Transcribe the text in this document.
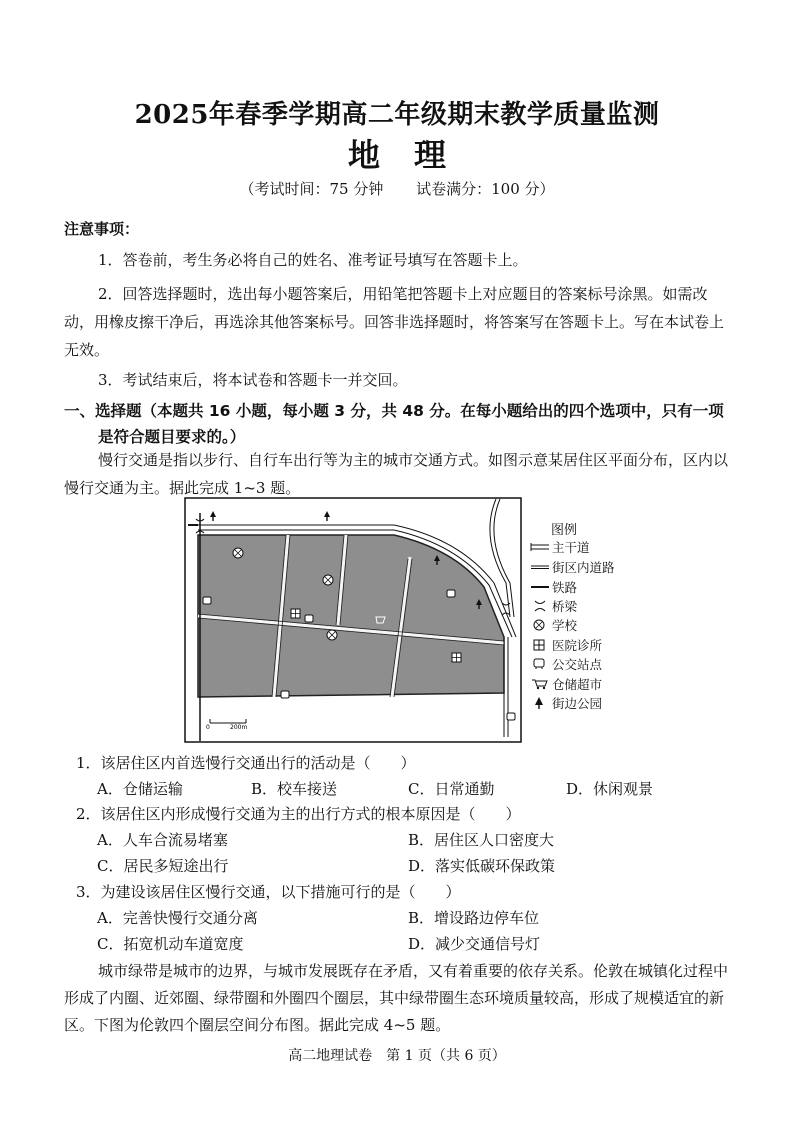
2025年春季学期高二年级期末教学质量监测
地理
（考试时间：75 分钟 试卷满分：100 分）
注意事项：
1．答卷前，考生务必将自己的姓名、准考证号填写在答题卡上。
2．回答选择题时，选出每小题答案后，用铅笔把答题卡上对应题目的答案标号涂黑。如需改动，用橡皮擦干净后，再选涂其他答案标号。回答非选择题时，将答案写在答题卡上。写在本试卷上无效。
3．考试结束后，将本试卷和答题卡一并交回。
一、选择题（本题共 16 小题，每小题 3 分，共 48 分。在每小题给出的四个选项中，只有一项
是符合题目要求的。）
慢行交通是指以步行、自行车出行等为主的城市交通方式。如图示意某居住区平面分布，区内以慢行交通为主。据此完成 1~3 题。
0	200m
图例
主干道
街区内道路
铁路
桥梁
学校
医院诊所
公交站点
仓储超市
街边公园
1．该居住区内首选慢行交通出行的活动是（　　）
A．仓储运输	B．校车接送	C．日常通勤	D．休闲观景
2．该居住区内形成慢行交通为主的出行方式的根本原因是（　　）
A．人车合流易堵塞	B．居住区人口密度大
C．居民多短途出行	D．落实低碳环保政策
3．为建设该居住区慢行交通，以下措施可行的是（　　）
A．完善快慢行交通分离	B．增设路边停车位
C．拓宽机动车道宽度	D．减少交通信号灯
城市绿带是城市的边界，与城市发展既存在矛盾，又有着重要的依存关系。伦敦在城镇化过程中形成了内圈、近郊圈、绿带圈和外圈四个圈层，其中绿带圈生态环境质量较高，形成了规模适宜的新区。下图为伦敦四个圈层空间分布图。据此完成 4~5 题。
高二地理试卷　第 1 页（共 6 页）
